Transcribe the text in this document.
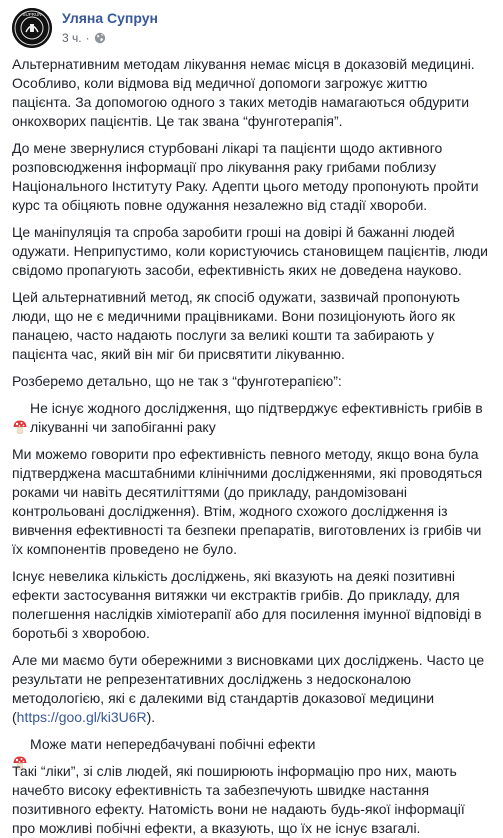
SUPRUN Уляна Супрун
3 ч. ·

Альтернативним методам лікування немає місця в доказовій медицині.
Особливо, коли відмова від медичної допомоги загрожує життю
пацієнта. За допомогою одного з таких методів намагаються обдурити
онкохворих пацієнтів. Це так звана “фунготерапія”.

До мене звернулися стурбовані лікарі та пацієнти щодо активного
розповсюдження інформації про лікування раку грибами поблизу
Національного Інституту Раку. Адепти цього методу пропонують пройти
курс та обіцяють повне одужання незалежно від стадії хвороби.

Це маніпуляція та спроба заробити гроші на довірі й бажанні людей
одужати. Неприпустимо, коли користуючись становищем пацієнтів, люди
свідомо пропагують засоби, ефективність яких не доведена науково.

Цей альтернативний метод, як спосіб одужати, зазвичай пропонують
люди, що не є медичними працівниками. Вони позиціонують його як
панацею, часто надають послуги за великі кошти та забирають у
пацієнта час, який він міг би присвятити лікуванню.

Розберемо детально, що не так з “фунготерапією”:

Не існує жодного дослідження, що підтверджує ефективність грибів в
лікуванні чи запобіганні раку

Ми можемо говорити про ефективність певного методу, якщо вона була
підтверджена масштабними клінічними дослідженнями, які проводяться
роками чи навіть десятиліттями (до прикладу, рандомізовані
контрольовані дослідження). Втім, жодного схожого дослідження із
вивчення ефективності та безпеки препаратів, виготовлених із грибів чи
їх компонентів проведено не було.

Існує невелика кількість досліджень, які вказують на деякі позитивні
ефекти застосування витяжки чи екстрактів грибів. До прикладу, для
полегшення наслідків хіміотерапії або для посилення імунної відповіді в
боротьбі з хворобою.

Але ми маємо бути обережними з висновками цих досліджень. Часто це
результати не репрезентативних досліджень з недосконалою
методологією, які є далекими від стандартів доказової медицини
(https://goo.gl/ki3U6R).

Може мати непередбачувані побічні ефекти

Такі “ліки”, зі слів людей, які поширюють інформацію про них, мають
начебто високу ефективність та забезпечують швидке настання
позитивного ефекту. Натомість вони не надають будь-якої інформації
про можливі побічні ефекти, а вказують, що їх не існує взагалі.
